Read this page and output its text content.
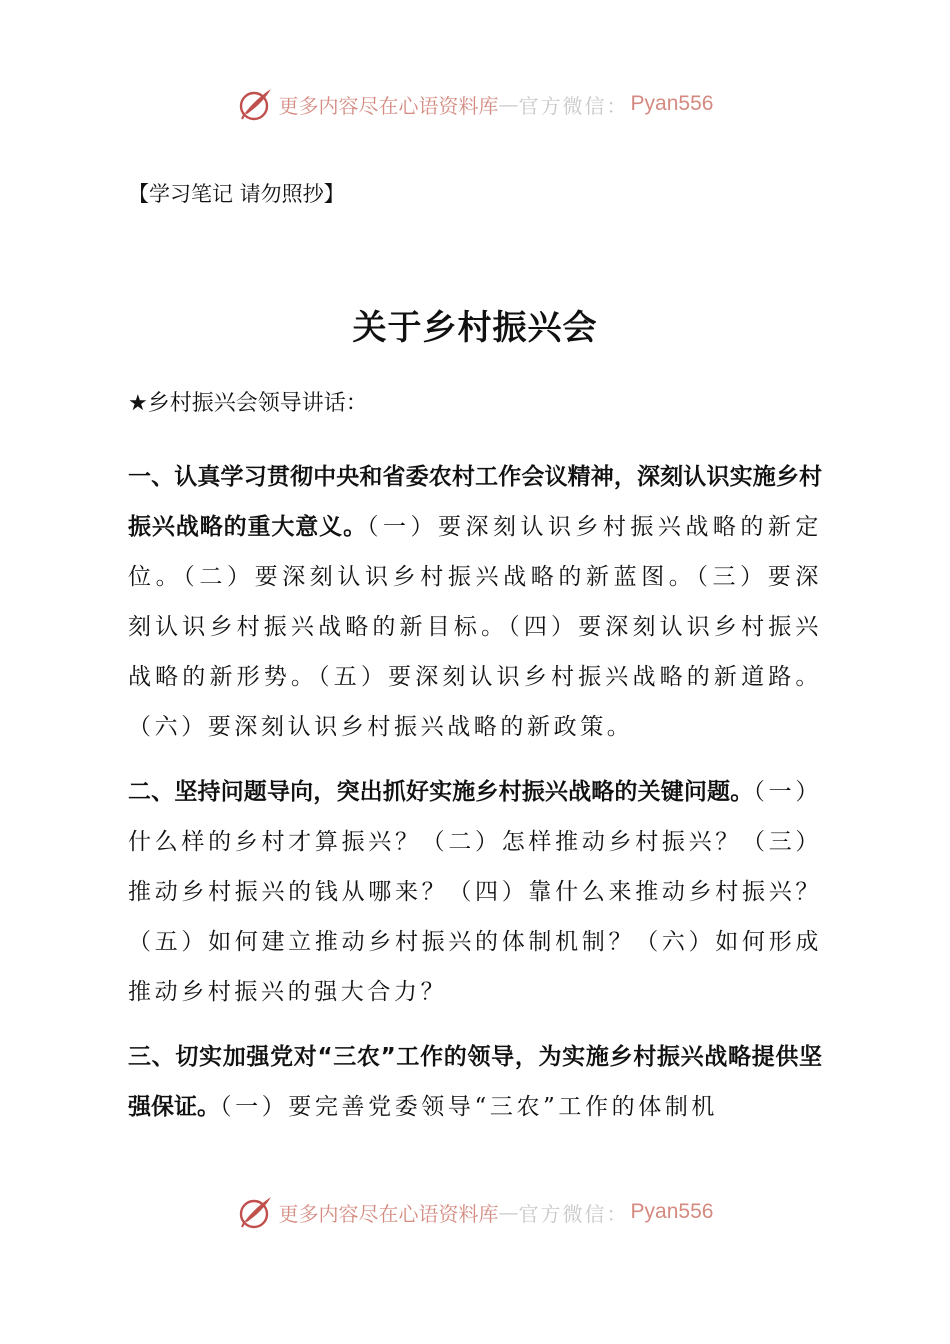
更多内容尽在心语资料库 — 官方微信： Pyan556
【学习笔记 请勿照抄】
关于乡村振兴会
★乡村振兴会领导讲话：

一、认真学习贯彻中央和省委农村工作会议精神，深刻认识实施乡村振兴战略的重大意义。（一）要深刻认识乡村振兴战略的新定位。（二）要深刻认识乡村振兴战略的新蓝图。（三）要深刻认识乡村振兴战略的新目标。（四）要深刻认识乡村振兴战略的新形势。（五）要深刻认识乡村振兴战略的新道路。（六）要深刻认识乡村振兴战略的新政策。

二、坚持问题导向，突出抓好实施乡村振兴战略的关键问题。（一）什么样的乡村才算振兴？（二）怎样推动乡村振兴？（三）推动乡村振兴的钱从哪来？（四）靠什么来推动乡村振兴？（五）如何建立推动乡村振兴的体制机制？（六）如何形成推动乡村振兴的强大合力？

三、切实加强党对“三农”工作的领导，为实施乡村振兴战略提供坚强保证。（一）要完善党委领导“三农”工作的体制机

更多内容尽在心语资料库 — 官方微信： Pyan556
